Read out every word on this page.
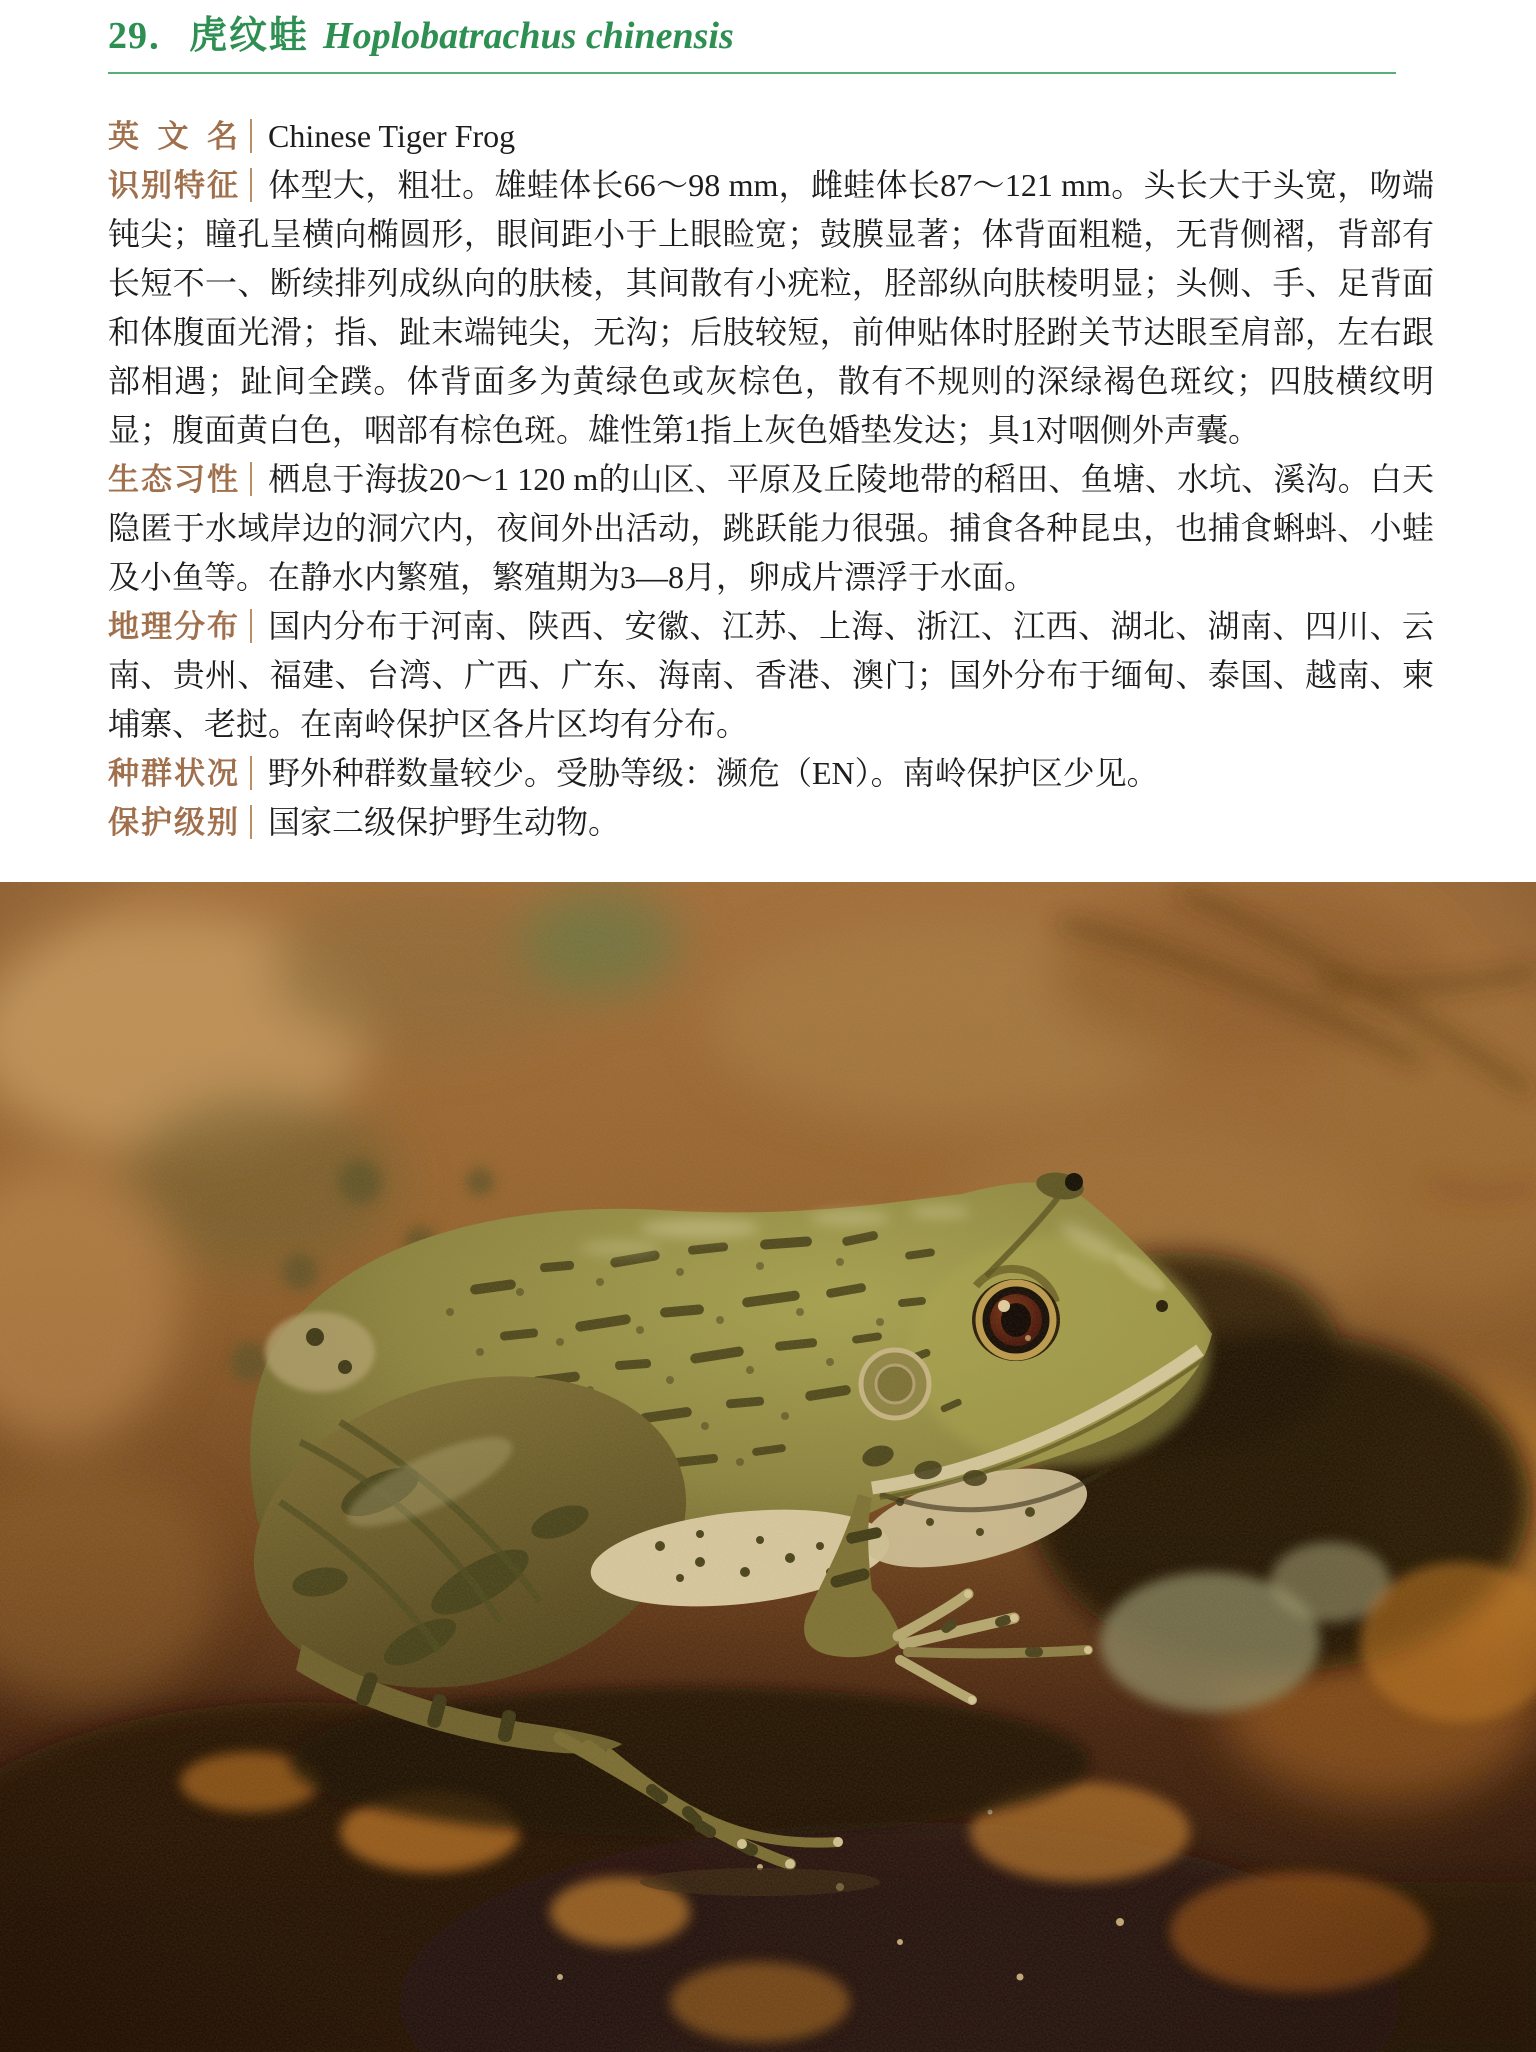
29．虎纹蛙 Hoplobatrachus chinensis

英文名 Chinese Tiger Frog

识别特征 体型大，粗壮。雄蛙体长66～98 mm，雌蛙体长87～121 mm。头长大于头宽，吻端钝尖；瞳孔呈横向椭圆形，眼间距小于上眼睑宽；鼓膜显著；体背面粗糙，无背侧褶，背部有长短不一、断续排列成纵向的肤棱，其间散有小疣粒，胫部纵向肤棱明显；头侧、手、足背面和体腹面光滑；指、趾末端钝尖，无沟；后肢较短，前伸贴体时胫跗关节达眼至肩部，左右跟部相遇；趾间全蹼。体背面多为黄绿色或灰棕色，散有不规则的深绿褐色斑纹；四肢横纹明显；腹面黄白色，咽部有棕色斑。雄性第1指上灰色婚垫发达；具1对咽侧外声囊。

生态习性 栖息于海拔20～1 120 m的山区、平原及丘陵地带的稻田、鱼塘、水坑、溪沟。白天隐匿于水域岸边的洞穴内，夜间外出活动，跳跃能力很强。捕食各种昆虫，也捕食蝌蚪、小蛙及小鱼等。在静水内繁殖，繁殖期为3—8月，卵成片漂浮于水面。

地理分布 国内分布于河南、陕西、安徽、江苏、上海、浙江、江西、湖北、湖南、四川、云南、贵州、福建、台湾、广西、广东、海南、香港、澳门；国外分布于缅甸、泰国、越南、柬埔寨、老挝。在南岭保护区各片区均有分布。

种群状况 野外种群数量较少。受胁等级：濒危（EN）。南岭保护区少见。

保护级别 国家二级保护野生动物。
